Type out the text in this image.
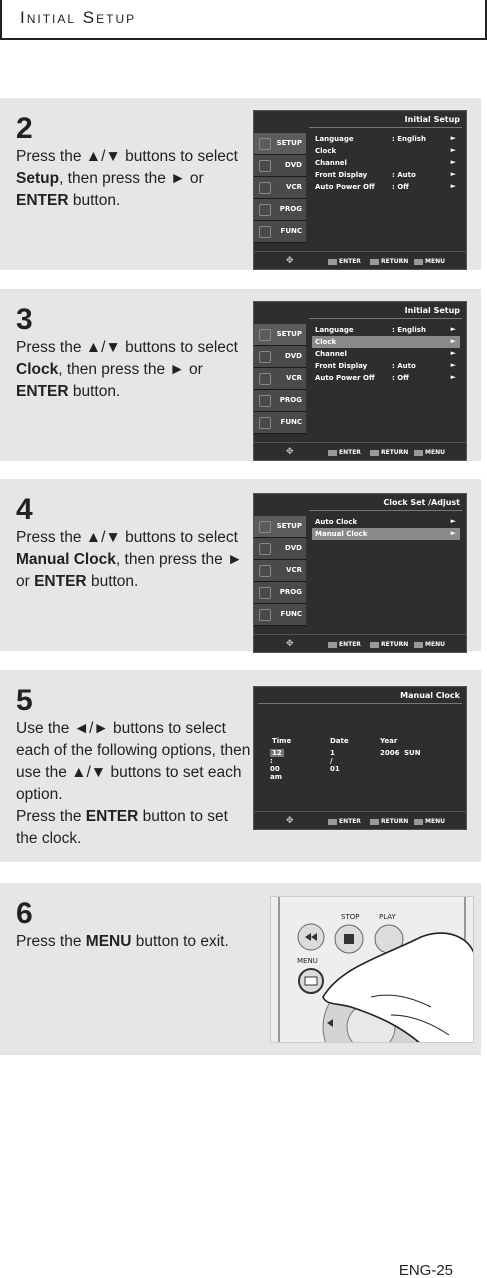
Initial Setup
2
Press the ▲/▼ buttons to select Setup, then press the ► or ENTER button.
Initial Setup
SETUP
DVD
VCR
PROG
FUNC
Language	: English	►
Clock	►
Channel	►
Front Display	: Auto	►
Auto Power Off : Off	►
✥	ENTER	RETURN	MENU
3
Press the ▲/▼ buttons to select Clock, then press the ► or ENTER button.
Initial Setup
SETUP
DVD
VCR
PROG
FUNC
Language	: English	►
Clock	►
Channel	►
Front Display	: Auto	►
Auto Power Off : Off	►
✥	ENTER	RETURN	MENU
4
Press the ▲/▼ buttons to select Manual Clock, then press the ► or ENTER button.
Clock Set /Adjust
SETUP
DVD
VCR
PROG
FUNC
Auto Clock	►
Manual Clock	►
✥	ENTER	RETURN	MENU
5
Use the ◄/► buttons to select each of the following options, then use the ▲/▼ buttons to set each option.
Press the ENTER button to set the clock.
Manual Clock
Time
12 : 00 am
Date
1 / 01
Year
2006 SUN
✥	ENTER	RETURN	MENU
6
Press the MENU button to exit.
STOP	PLAY
MENU
ENG-25
